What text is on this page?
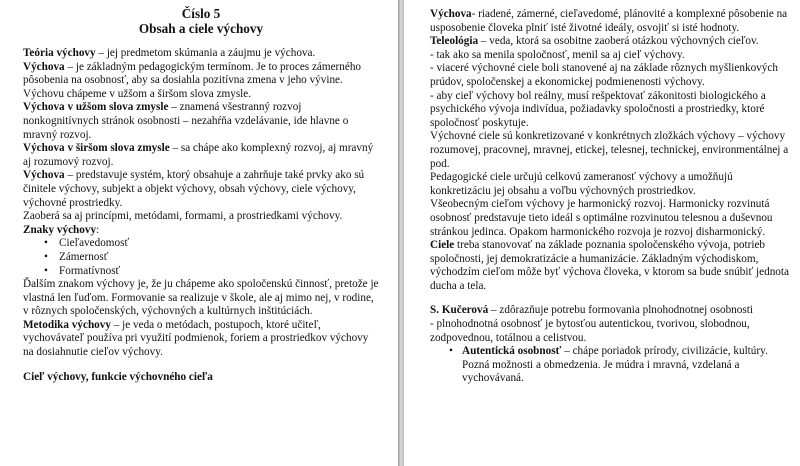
Číslo 5
Obsah a ciele výchovy

Teória výchovy – jej predmetom skúmania a záujmu je výchova.

Výchova – je základným pedagogickým termínom. Je to proces zámerného pôsobenia na osobnosť, aby sa dosiahla pozitívna zmena v jeho vývine. Výchovu chápeme v užšom a širšom slova zmysle.

Výchova v užšom slova zmysle – znamená všestranný rozvoj nonkognitívnych stránok osobnosti – nezahŕňa vzdelávanie, ide hlavne o mravný rozvoj.

Výchova v širšom slova zmysle – sa chápe ako komplexný rozvoj, aj mravný aj rozumový rozvoj.

Výchova – predstavuje systém, ktorý obsahuje a zahrňuje také prvky ako sú činitele výchovy, subjekt a objekt výchovy, obsah výchovy, ciele výchovy, výchovné prostriedky.

Zaoberá sa aj princípmi, metódami, formami, a prostriedkami výchovy.

Znaky výchovy:

• Cieľavedomosť
• Zámernosť
• Formatívnosť

Ďalším znakom výchovy je, že ju chápeme ako spoločenskú činnosť, pretože je vlastná len ľuďom. Formovanie sa realizuje v škole, ale aj mimo nej, v rodine, v rôznych spoločenských, výchovných a kultúrnych inštitúciách.

Metodika výchovy – je veda o metódach, postupoch, ktoré učiteľ, vychovávateľ používa pri využití podmienok, foriem a prostriedkov výchovy na dosiahnutie cieľov výchovy.

Cieľ výchovy, funkcie výchovného cieľa

Výchova- riadené, zámerné, cieľavedomé, plánovité a komplexné pôsobenie na usposobenie človeka plniť isté životné ideály, osvojiť si isté hodnoty.

Teleológia – veda, ktorá sa osobitne zaoberá otázkou výchovných cieľov.

- tak ako sa menila spoločnosť, menil sa aj cieľ výchovy.

- viaceré výchovné ciele boli stanovené aj na základe rôznych myšlienkových prúdov, spoločenskej a ekonomickej podmienenosti výchovy.

- aby cieľ výchovy bol reálny, musí rešpektovať zákonitosti biologického a psychického vývoja indivídua, požiadavky spoločnosti a prostriedky, ktoré spoločnosť poskytuje.

Výchovné ciele sú konkretizované v konkrétnych zložkách výchovy – výchovy rozumovej, pracovnej, mravnej, etickej, telesnej, technickej, environmentálnej a pod.

Pedagogické ciele určujú celkovú zameranosť výchovy a umožňujú konkretizáciu jej obsahu a voľbu výchovných prostriedkov.

Všeobecným cieľom výchovy je harmonický rozvoj. Harmonicky rozvinutá osobnosť predstavuje tieto ideál s optimálne rozvinutou telesnou a duševnou stránkou jedinca. Opakom harmonického rozvoja je rozvoj disharmonický.

Ciele treba stanovovať na základe poznania spoločenského vývoja, potrieb spoločnosti, jej demokratizácie a humanizácie. Základným východiskom, východzím cieľom môže byť výchova človeka, v ktorom sa bude snúbiť jednota ducha a tela.

S. Kučerová – zdôrazňuje potrebu formovania plnohodnotnej osobnosti

- plnohodnotná osobnosť je bytosťou autentickou, tvorivou, slobodnou, zodpovednou, totálnou a celistvou.

• Autentická osobnosť – chápe poriadok prírody, civilizácie, kultúry. Pozná možnosti a obmedzenia. Je múdra i mravná, vzdelaná a vychovávaná.
